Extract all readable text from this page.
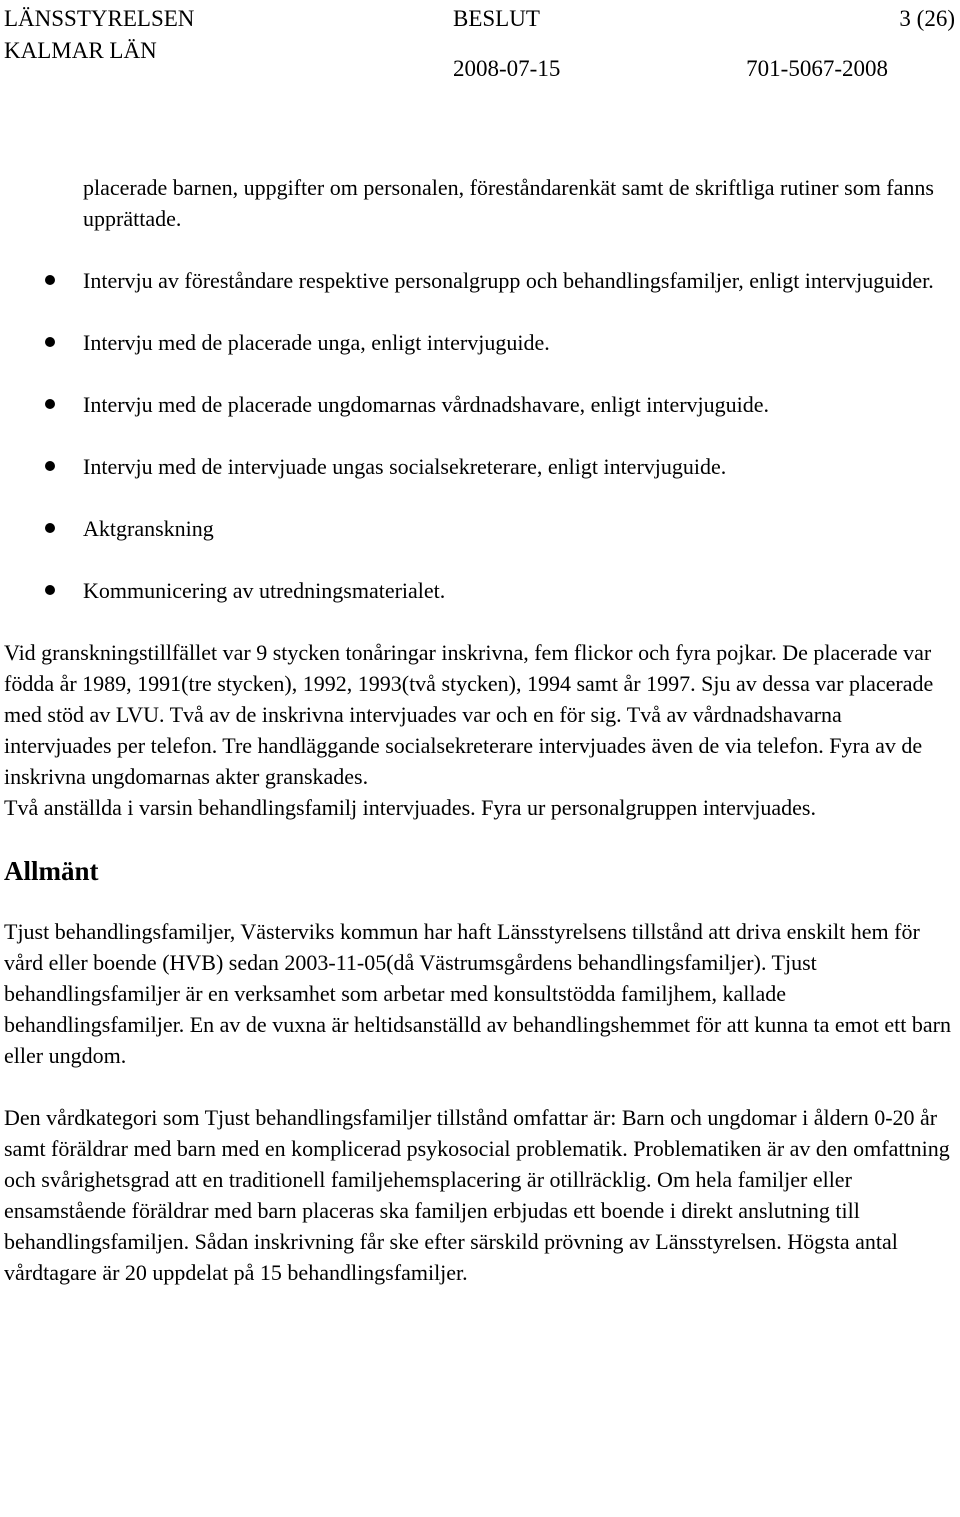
LÄNSSTYRELSEN
KALMAR LÄN
BESLUT	3 (26)
2008-07-15	701-5067-2008

placerade barnen, uppgifter om personalen, föreståndarenkät samt de skriftliga rutiner som fanns upprättade.

Intervju av föreståndare respektive personalgrupp och behandlingsfamiljer, enligt intervjuguider.
Intervju med de placerade unga, enligt intervjuguide.
Intervju med de placerade ungdomarnas vårdnadshavare, enligt intervjuguide.
Intervju med de intervjuade ungas socialsekreterare, enligt intervjuguide.
Aktgranskning
Kommunicering av utredningsmaterialet.

Vid granskningstillfället var 9 stycken tonåringar inskrivna, fem flickor och fyra pojkar. De placerade var födda år 1989, 1991(tre stycken), 1992, 1993(två stycken), 1994 samt år 1997. Sju av dessa var placerade med stöd av LVU. Två av de inskrivna intervjuades var och en för sig. Två av vårdnadshavarna intervjuades per telefon. Tre handläggande socialsekreterare intervjuades även de via telefon. Fyra av de inskrivna ungdomarnas akter granskades.

Två anställda i varsin behandlingsfamilj intervjuades. Fyra ur personalgruppen intervjuades.

Allmänt

Tjust behandlingsfamiljer, Västerviks kommun har haft Länsstyrelsens tillstånd att driva enskilt hem för vård eller boende (HVB) sedan 2003-11-05(då Västrumsgårdens behandlingsfamiljer). Tjust behandlingsfamiljer är en verksamhet som arbetar med konsultstödda familjhem, kallade behandlingsfamiljer. En av de vuxna är heltidsanställd av behandlingshemmet för att kunna ta emot ett barn eller ungdom.

Den vårdkategori som Tjust behandlingsfamiljer tillstånd omfattar är: Barn och ungdomar i åldern 0-20 år samt föräldrar med barn med en komplicerad psykosocial problematik. Problematiken är av den omfattning och svårighetsgrad att en traditionell familjehemsplacering är otillräcklig. Om hela familjer eller ensamstående föräldrar med barn placeras ska familjen erbjudas ett boende i direkt anslutning till behandlingsfamiljen. Sådan inskrivning får ske efter särskild prövning av Länsstyrelsen. Högsta antal vårdtagare är 20 uppdelat på 15 behandlingsfamiljer.
